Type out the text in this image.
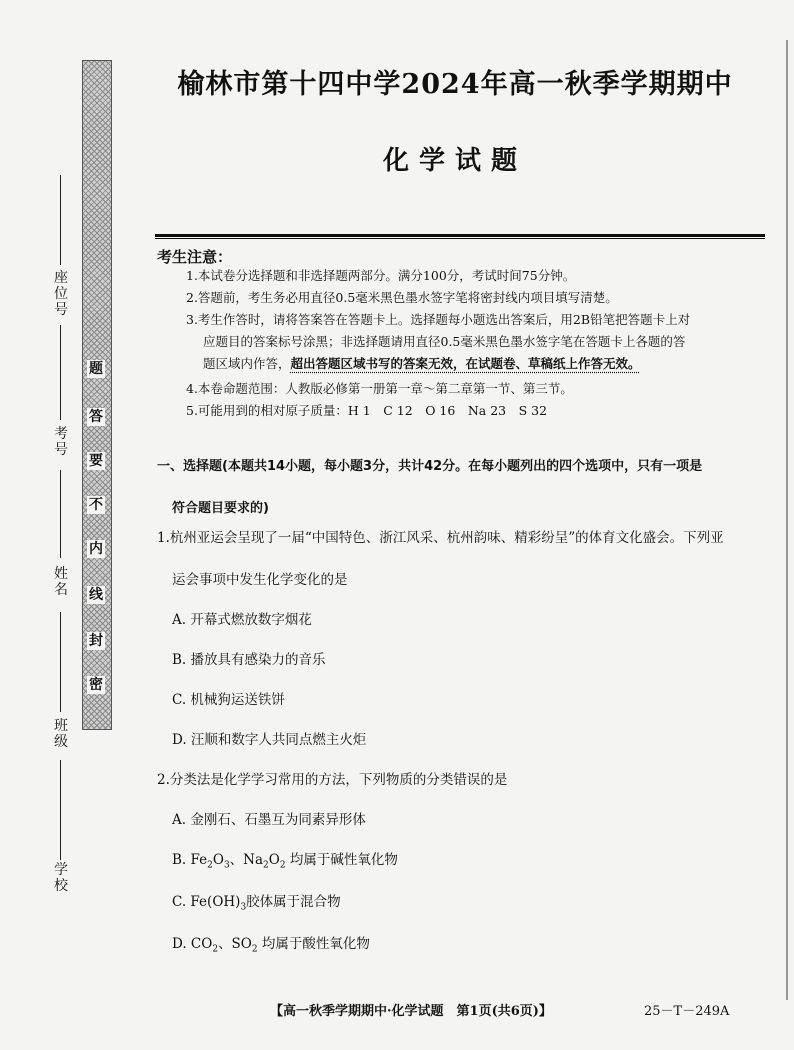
题
答
要
不
内
线
封
密
座位号
考号
姓名
班级
学校
榆林市第十四中学2024年高一秋季学期期中
化学试题
考生注意：
1.本试卷分选择题和非选择题两部分。满分100分，考试时间75分钟。
2.答题前，考生务必用直径0.5毫米黑色墨水签字笔将密封线内项目填写清楚。
3.考生作答时，请将答案答在答题卡上。选择题每小题选出答案后，用2B铅笔把答题卡上对
应题目的答案标号涂黑；非选择题请用直径0.5毫米黑色墨水签字笔在答题卡上各题的答
题区域内作答，超出答题区域书写的答案无效，在试题卷、草稿纸上作答无效。
4.本卷命题范围：人教版必修第一册第一章～第二章第一节、第三节。
5.可能用到的相对原子质量：H 1　C 12　O 16　Na 23　S 32
一、选择题(本题共14小题，每小题3分，共计42分。在每小题列出的四个选项中，只有一项是
符合题目要求的)
1.杭州亚运会呈现了一届“中国特色、浙江风采、杭州韵味、精彩纷呈”的体育文化盛会。下列亚
运会事项中发生化学变化的是
A. 开幕式燃放数字烟花
B. 播放具有感染力的音乐
C. 机械狗运送铁饼
D. 汪顺和数字人共同点燃主火炬
2.分类法是化学学习常用的方法，下列物质的分类错误的是
A. 金刚石、石墨互为同素异形体
B. $Fe_2O_3$、$Na_2O_2$ 均属于碱性氧化物
C. $Fe(OH)_3$胶体属于混合物
D. $CO_2$、$SO_2$ 均属于酸性氧化物
【高一秋季学期期中·化学试题　第1页(共6页)】	25－T－249A
